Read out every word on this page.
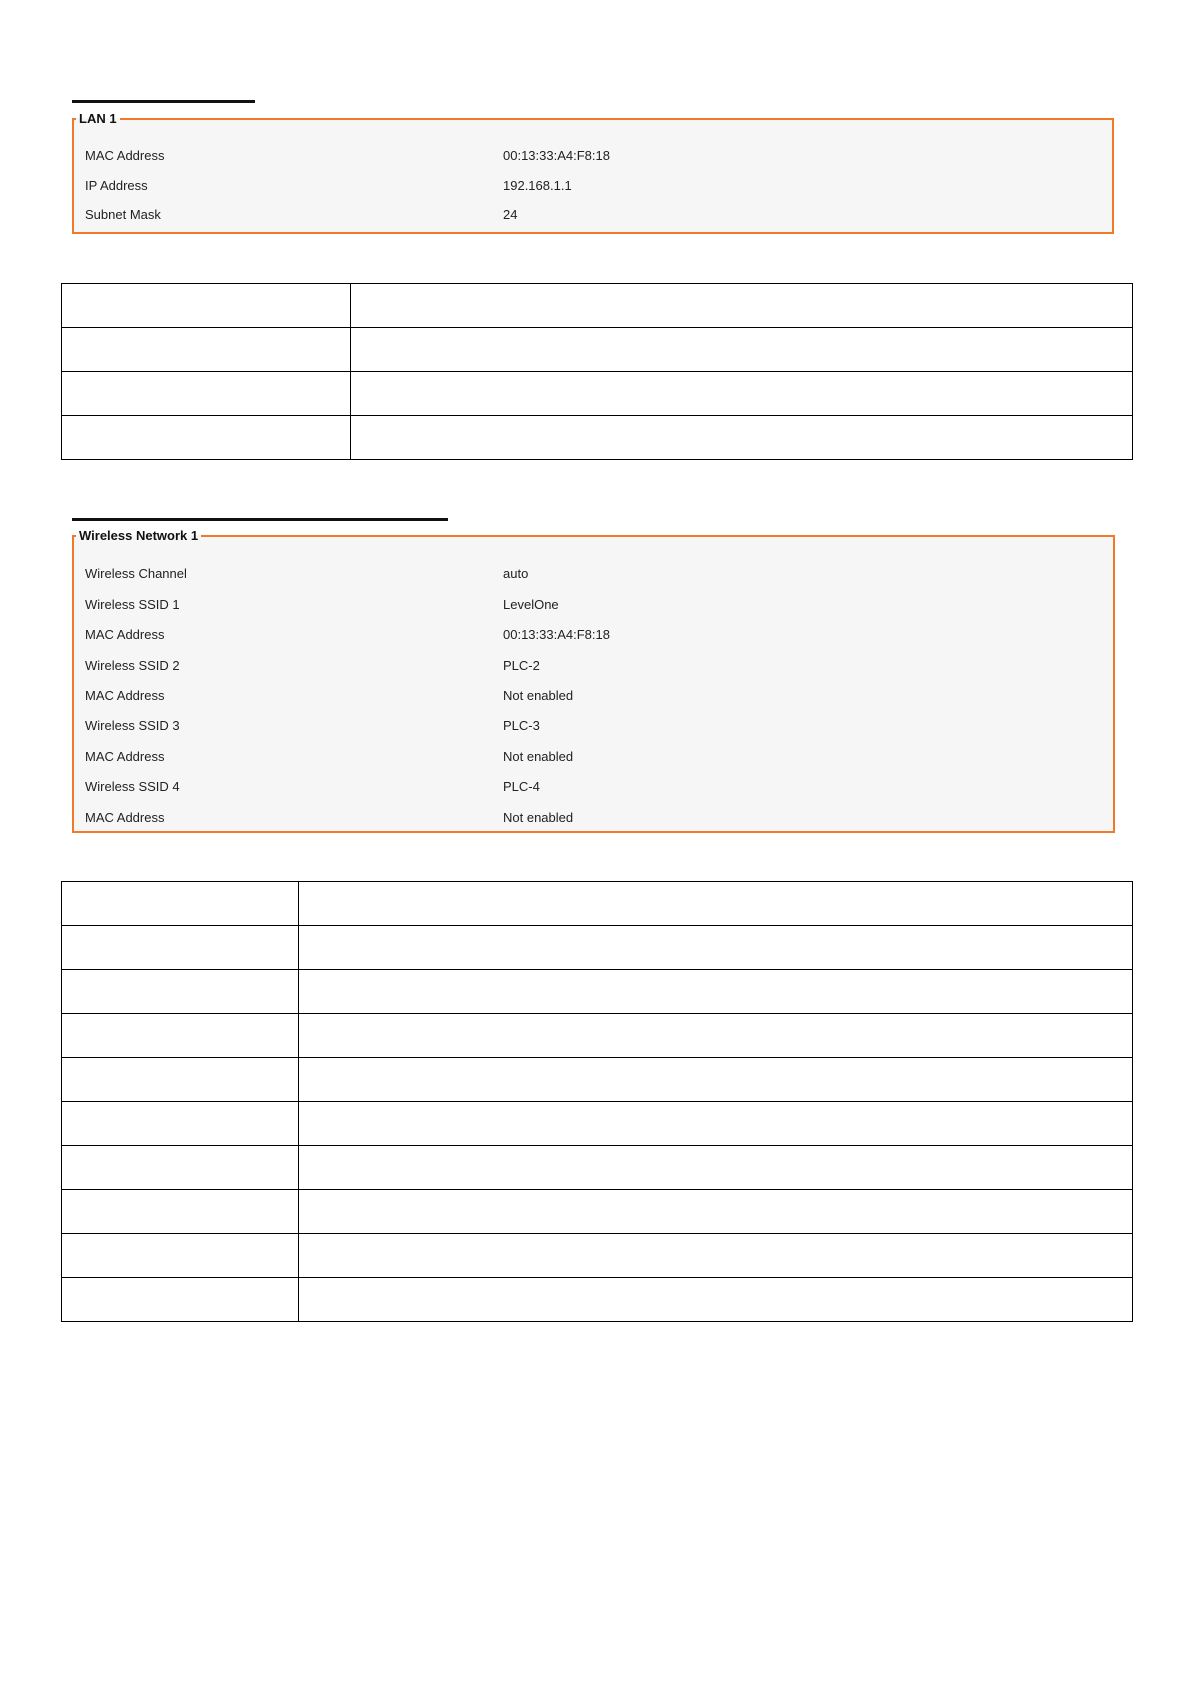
LAN 1
MAC Address	00:13:33:A4:F8:18
IP Address	192.168.1.1
Subnet Mask	24

Wireless Network 1
Wireless Channel	auto
Wireless SSID 1	LevelOne
MAC Address	00:13:33:A4:F8:18
Wireless SSID 2	PLC-2
MAC Address	Not enabled
Wireless SSID 3	PLC-3
MAC Address	Not enabled
Wireless SSID 4	PLC-4
MAC Address	Not enabled
